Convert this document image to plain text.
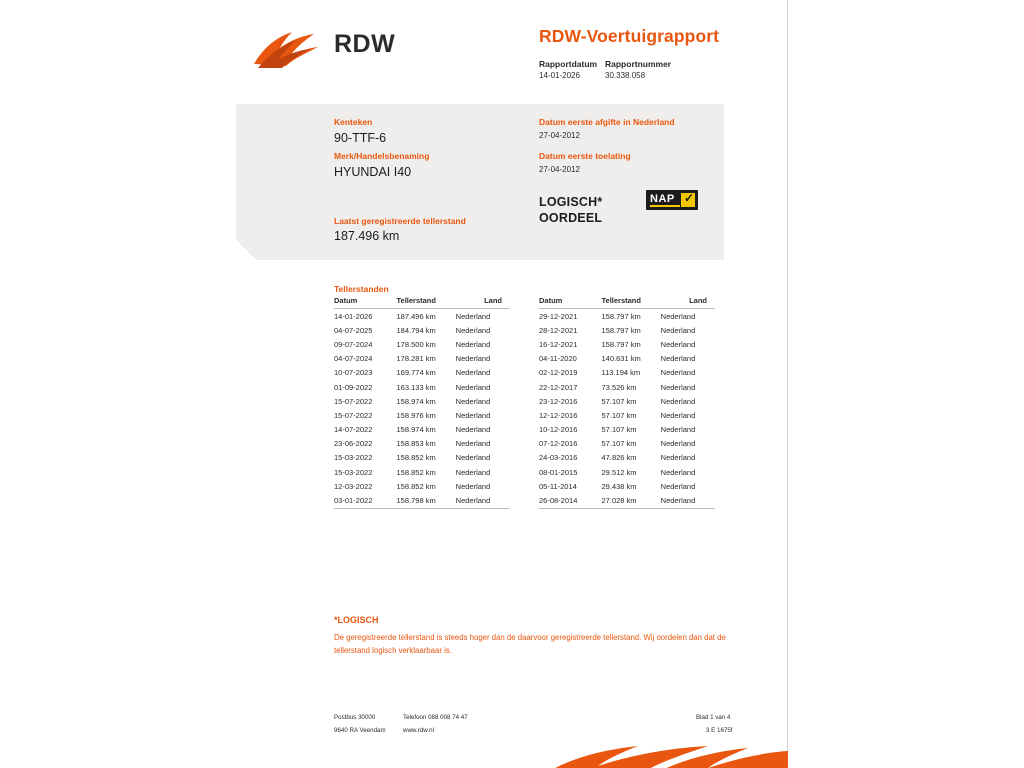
RDW	RDW-Voertuigrapport
Rapportdatum
14-01-2026
Rapportnummer
30.338.058
Kenteken
90-TTF-6
Merk/Handelsbenaming
HYUNDAI I40
Laatst geregistreerde tellerstand
187.496 km
Datum eerste afgifte in Nederland
27-04-2012
Datum eerste toelating
27-04-2012
LOGISCH*
OORDEEL
NAP ✓
Tellerstanden
Datum	Tellerstand	Land
14-01-2026	187.496 km	Nederland
04-07-2025	184.794 km	Nederland
09-07-2024	178.500 km	Nederland
04-07-2024	178.281 km	Nederland
10-07-2023	169.774 km	Nederland
01-09-2022	163.133 km	Nederland
15-07-2022	158.974 km	Nederland
15-07-2022	158.976 km	Nederland
14-07-2022	158.974 km	Nederland
23-06-2022	158.853 km	Nederland
15-03-2022	158.852 km	Nederland
15-03-2022	158.852 km	Nederland
12-03-2022	158.852 km	Nederland
03-01-2022	158.798 km	Nederland
Datum	Tellerstand	Land
29-12-2021	158.797 km	Nederland
28-12-2021	158.797 km	Nederland
16-12-2021	158.797 km	Nederland
04-11-2020	140.631 km	Nederland
02-12-2019	113.194 km	Nederland
22-12-2017	73.526 km	Nederland
23-12-2016	57.107 km	Nederland
12-12-2016	57.107 km	Nederland
10-12-2016	57.107 km	Nederland
07-12-2016	57.107 km	Nederland
24-03-2016	47.826 km	Nederland
08-01-2015	29.512 km	Nederland
05-11-2014	29.438 km	Nederland
26-08-2014	27.028 km	Nederland
*LOGISCH
De geregistreerde tellerstand is steeds hoger dan de daarvoor geregistreerde tellerstand. Wij oordelen dan dat de tellerstand logisch verklaarbaar is.
Postbus 30000
9640 RA Veendam
Telefoon 088 008 74 47
www.rdw.nl
Blad 1 van 4
3 E 1675f
